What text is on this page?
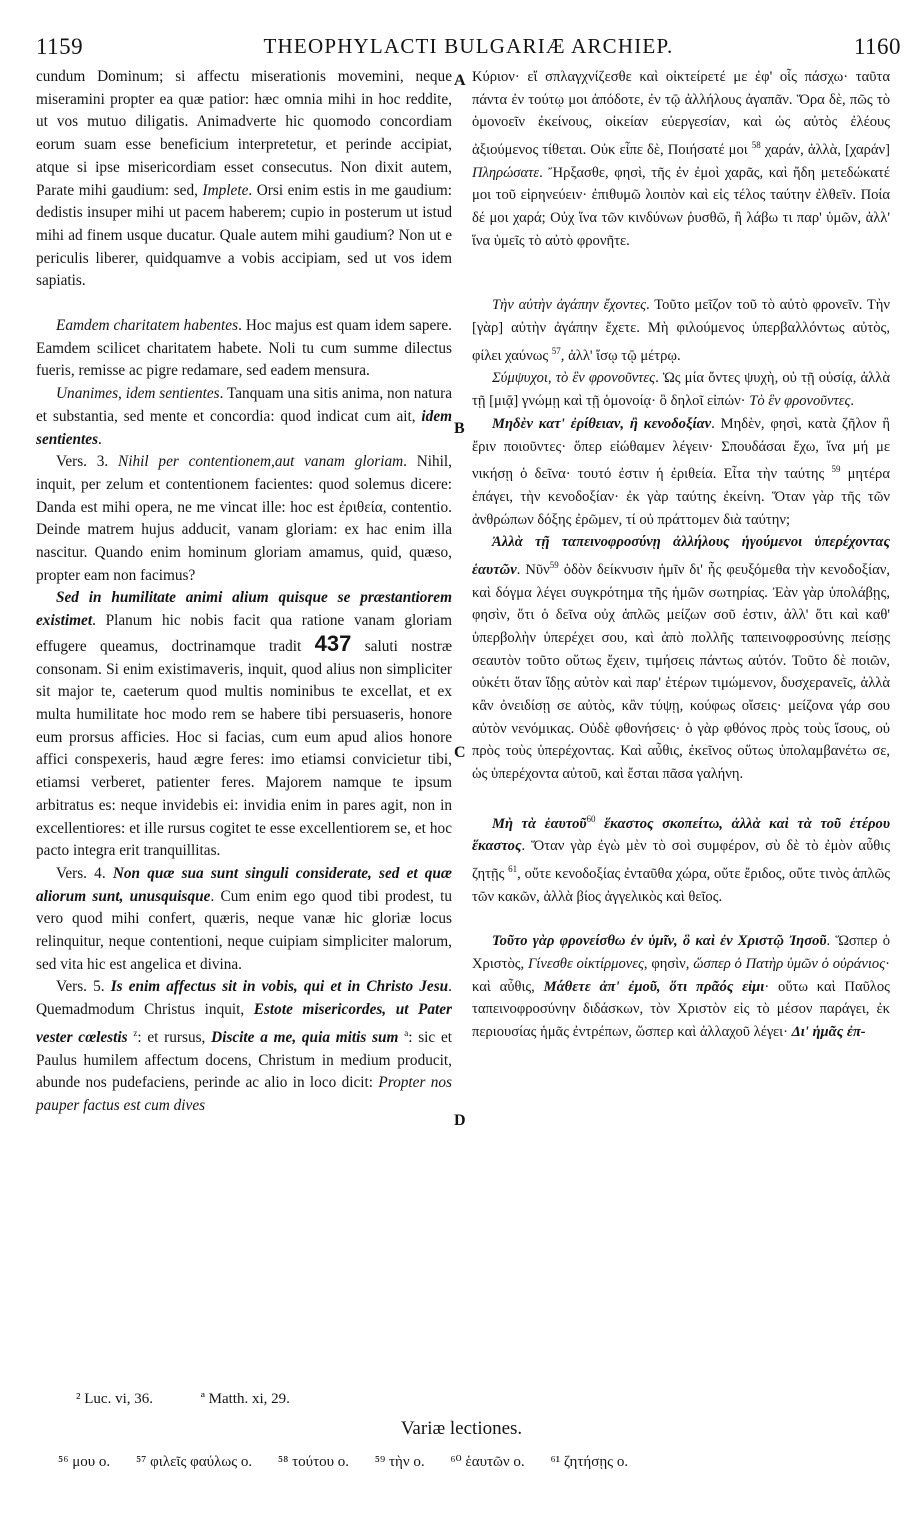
1159	THEOPHYLACTI BULGARIÆ ARCHIEP.	1160

cundum Dominum; si affectu miserationis movemini, neque miseramini propter ea quæ patior: hæc omnia mihi in hoc reddite, ut vos mutuo diligatis. Animadverte hic quomodo concordiam eorum suam esse beneficium interpretetur, et perinde accipiat, atque si ipse misericordiam esset consecutus. Non dixit autem, Parate mihi gaudium: sed, Implete. Orsi enim estis in me gaudium: dedistis insuper mihi ut pacem haberem; cupio in posterum ut istud mihi ad finem usque ducatur. Quale autem mihi gaudium? Non ut e periculis liberer, quidquamve a vobis accipiam, sed ut vos idem sapiatis.

Eamdem charitatem habentes. Hoc majus est quam idem sapere. Eamdem scilicet charitatem habete. Noli tu cum summe dilectus fueris, remisse ac pigre redamare, sed eadem mensura.

Unanimes, idem sentientes. Tanquam una sitis anima, non natura et substantia, sed mente et concordia: quod indicat cum ait, idem sentientes.

Vers. 3. Nihil per contentionem,aut vanam gloriam. Nihil, inquit, per zelum et contentionem facientes: quod solemus dicere: Danda est mihi opera, ne me vincat ille: hoc est ἐριθεία, contentio. Deinde matrem hujus adducit, vanam gloriam: ex hac enim illa nascitur. Quando enim hominum gloriam amamus, quid, quæso, propter eam non facimus?

Sed in humilitate animi alium quisque se præstantiorem existimet. Planum hic nobis facit qua ratione vanam gloriam effugere queamus, doctrinamque tradit 437 saluti nostræ consonam. Si enim existimaveris, inquit, quod alius non simpliciter sit major te, caeterum quod multis nominibus te excellat, et ex multa humilitate hoc modo rem se habere tibi persuaseris, honore eum prorsus afficies. Hoc si facias, cum eum apud alios honore affici conspexeris, haud ægre feres: imo etiamsi convicietur tibi, etiamsi verberet, patienter feres. Majorem namque te ipsum arbitratus es: neque invidebis ei: invidia enim in pares agit, non in excellentiores: et ille rursus cogitet te esse excellentiorem se, et hoc pacto integra erit tranquillitas.

Vers. 4. Non quæ sua sunt singuli considerate, sed et quæ aliorum sunt, unusquisque. Cum enim ego quod tibi prodest, tu vero quod mihi confert, quæris, neque vanæ hic gloriæ locus relinquitur, neque contentioni, neque cuipiam simpliciter malorum, sed vita hic est angelica et divina.

Vers. 5. Is enim affectus sit in vobis, qui et in Christo Jesu. Quemadmodum Christus inquit, Estote misericordes, ut Pater vester cœlestis $^z$: et rursus, Discite a me, quia mitis sum $^a$: sic et Paulus humilem affectum docens, Christum in medium producit, abunde nos pudefaciens, perinde ac alio in loco dicit: Propter nos pauper factus est cum dives

A
B
C
D

Κύριον· εἴ σπλαγχνίζεσθε καὶ οἰκτείρετέ με ἐφ' οἷς πάσχω· ταῦτα πάντα ἐν τούτῳ μοι ἀπόδοτε, ἐν τῷ ἀλλήλους ἀγαπᾶν. Ὅρα δὲ, πῶς τὸ ὁμονοεῖν ἐκείνους, οἰκείαν εὐεργεσίαν, καὶ ὡς αὐτὸς ἐλέους ἀξιούμενος τίθεται. Οὐκ εἶπε δὲ, Ποιήσατέ μοι $^{58}$ χαράν, ἀλλὰ, [χαράν] Πληρώσατε. Ἤρξασθε, φησὶ, τῆς ἐν ἐμοὶ χαρᾶς, καὶ ἤδη μετεδώκατέ μοι τοῦ εἰρηνεύειν· ἐπιθυμῶ λοιπὸν καὶ εἰς τέλος ταύτην ἐλθεῖν. Ποία δέ μοι χαρά; Οὐχ ἵνα τῶν κινδύνων ῥυσθῶ, ἢ λάβω τι παρ' ὑμῶν, ἀλλ' ἵνα ὑμεῖς τὸ αὐτὸ φρονῆτε.

Τὴν αὐτὴν ἀγάπην ἔχοντες. Τοῦτο μεῖζον τοῦ τὸ αὐτὸ φρονεῖν. Τὴν [γὰρ] αὐτὴν ἀγάπην ἔχετε. Μὴ φιλούμενος ὑπερβαλλόντως αὐτὸς, φίλει χαύνως $^{57}$, ἀλλ' ἴσῳ τῷ μέτρῳ.

Σύμψυχοι, τὸ ἓν φρονοῦντες. Ὡς μία ὄντες ψυχὴ, οὐ τῇ οὐσίᾳ, ἀλλὰ τῇ [μιᾷ] γνώμῃ καὶ τῇ ὁμονοίᾳ· ὃ δηλοῖ εἰπών· Τὸ ἓν φρονοῦντες.

Μηδὲν κατ' ἐρίθειαν, ἢ κενοδοξίαν. Μηδὲν, φησὶ, κατὰ ζῆλον ἢ ἔριν ποιοῦντες· ὅπερ εἰώθαμεν λέγειν· Σπουδάσαι ἔχω, ἵνα μή με νικήσῃ ὁ δεῖνα· τουτό ἐστιν ἡ ἐριθεία. Εἶτα τὴν ταύτης $^{59}$ μητέρα ἐπάγει, τὴν κενοδοξίαν· ἐκ γὰρ ταύτης ἐκείνη. Ὅταν γὰρ τῆς τῶν ἀνθρώπων δόξης ἐρῶμεν, τί οὐ πράττομεν διὰ ταύτην;

Ἀλλὰ τῇ ταπεινοφροσύνῃ ἀλλήλους ἡγούμενοι ὑπερέχοντας ἑαυτῶν. Νῦν$^{59}$ ὁδὸν δείκνυσιν ἡμῖν δι' ἧς φευξόμεθα τὴν κενοδοξίαν, καὶ δόγμα λέγει συγκρότημα τῆς ἡμῶν σωτηρίας. Ἐὰν γὰρ ὑπολάβῃς, φησὶν, ὅτι ὁ δεῖνα οὐχ ἁπλῶς μείζων σοῦ ἐστιν, ἀλλ' ὅτι καὶ καθ' ὑπερβολὴν ὑπερέχει σου, καὶ ἀπὸ πολλῆς ταπεινοφροσύνης πείσῃς σεαυτὸν τοῦτο οὕτως ἔχειν, τιμήσεις πάντως αὐτόν. Τοῦτο δὲ ποιῶν, οὐκέτι ὅταν ἴδῃς αὐτὸν καὶ παρ' ἑτέρων τιμώμενον, δυσχερανεῖς, ἀλλὰ κἂν ὀνειδίσῃ σε αὐτὸς, κἂν τύψῃ, κούφως οἴσεις· μείζονα γάρ σου αὐτὸν νενόμικας. Οὐδὲ φθονήσεις· ὁ γὰρ φθόνος πρὸς τοὺς ἴσους, οὐ πρὸς τοὺς ὑπερέχοντας. Καὶ αὖθις, ἐκεῖνος οὕτως ὑπολαμβανέτω σε, ὡς ὑπερέχοντα αὐτοῦ, καὶ ἔσται πᾶσα γαλήνη.

Μὴ τὰ ἑαυτοῦ$^{60}$ ἕκαστος σκοπείτω, ἀλλὰ καὶ τὰ τοῦ ἑτέρου ἕκαστος. Ὅταν γὰρ ἐγὼ μὲν τὸ σοὶ συμφέρον, σὺ δὲ τὸ ἐμὸν αὖθις ζητῇς $^{61}$, οὔτε κενοδοξίας ἐνταῦθα χώρα, οὔτε ἔριδος, οὔτε τινὸς ἁπλῶς τῶν κακῶν, ἀλλὰ βίος ἀγγελικὸς καὶ θεῖος.

Τοῦτο γὰρ φρονείσθω ἐν ὑμῖν, ὃ καὶ ἐν Χριστῷ Ἰησοῦ. Ὥσπερ ὁ Χριστὸς, Γίνεσθε οἰκτίρμονες, φησὶν, ὥσπερ ὁ Πατὴρ ὑμῶν ὁ οὐράνιος· καὶ αὖθις, Μάθετε ἀπ' ἐμοῦ, ὅτι πρᾶός εἰμι· οὕτω καὶ Παῦλος ταπεινοφροσύνην διδάσκων, τὸν Χριστὸν εἰς τὸ μέσον παράγει, ἐκ περιουσίας ἡμᾶς ἐντρέπων, ὥσπερ καὶ ἀλλαχοῦ λέγει· Δι' ἡμᾶς ἐπ-

² Luc. vi, 36.	ª Matth. xi, 29.
Variæ lectiones.
⁵⁶ μου ο. ⁵⁷ φιλεῖς φαύλως ο. ⁵⁸ τούτου ο. ⁵⁹ τὴν ο. ⁶⁰ ἑαυτῶν ο. ⁶¹ ζητήσῃς ο.
